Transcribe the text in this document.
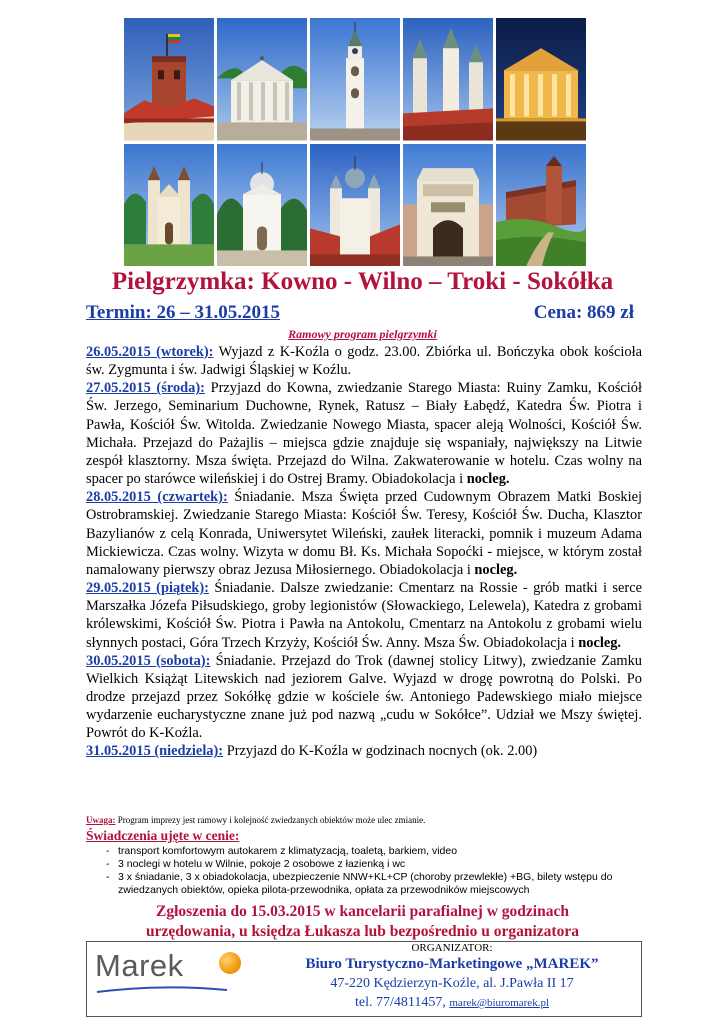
Pielgrzymka: Kowno - Wilno – Troki - Sokółka
Termin: 26 – 31.05.2015	Cena: 869 zł
Ramowy program pielgrzymki

26.05.2015 (wtorek): Wyjazd z K-Koźla o godz. 23.00. Zbiórka ul. Bończyka obok kościoła św. Zygmunta i św. Jadwigi Śląskiej w Koźlu.

27.05.2015 (środa): Przyjazd do Kowna, zwiedzanie Starego Miasta: Ruiny Zamku, Kościół Św. Jerzego, Seminarium Duchowne, Rynek, Ratusz – Biały Łabędź, Katedra Św. Piotra i Pawła, Kościół Św. Witolda. Zwiedzanie Nowego Miasta, spacer aleją Wolności, Kościół Św. Michała. Przejazd do Pażajlis – miejsca gdzie znajduje się wspaniały, największy na Litwie zespół klasztorny. Msza święta. Przejazd do Wilna. Zakwaterowanie w hotelu. Czas wolny na spacer po starówce wileńskiej i do Ostrej Bramy. Obiadokolacja i nocleg.

28.05.2015 (czwartek): Śniadanie. Msza Święta przed Cudownym Obrazem Matki Boskiej Ostrobramskiej. Zwiedzanie Starego Miasta: Kościół Św. Teresy, Kościół Św. Ducha, Klasztor Bazylianów z celą Konrada, Uniwersytet Wileński, zaułek literacki, pomnik i muzeum Adama Mickiewicza. Czas wolny. Wizyta w domu Bł. Ks. Michała Sopoćki - miejsce, w którym został namalowany pierwszy obraz Jezusa Miłosiernego. Obiadokolacja i nocleg.

29.05.2015 (piątek): Śniadanie. Dalsze zwiedzanie: Cmentarz na Rossie - grób matki i serce Marszałka Józefa Piłsudskiego, groby legionistów (Słowackiego, Lelewela), Katedra z grobami królewskimi, Kościół Św. Piotra i Pawła na Antokolu, Cmentarz na Antokolu z grobami wielu słynnych postaci, Góra Trzech Krzyży, Kościół Św. Anny. Msza Św. Obiadokolacja i nocleg.

30.05.2015 (sobota): Śniadanie. Przejazd do Trok (dawnej stolicy Litwy), zwiedzanie Zamku Wielkich Książąt Litewskich nad jeziorem Galve. Wyjazd w drogę powrotną do Polski. Po drodze przejazd przez Sokółkę gdzie w kościele św. Antoniego Padewskiego miało miejsce wydarzenie eucharystyczne znane już pod nazwą „cudu w Sokółce”. Udział we Mszy świętej. Powrót do K-Koźla.

31.05.2015 (niedziela): Przyjazd do K-Koźla w godzinach nocnych (ok. 2.00)

Uwaga: Program imprezy jest ramowy i kolejność zwiedzanych obiektów może ulec zmianie.
Świadczenia ujęte w cenie:
- transport komfortowym autokarem z klimatyzacją, toaletą, barkiem, video
- 3 noclegi w hotelu w Wilnie, pokoje 2 osobowe z łazienką i wc
- 3 x śniadanie, 3 x obiadokolacja, ubezpieczenie NNW+KL+CP (choroby przewlekłe) +BG, bilety wstępu do zwiedzanych obiektów, opieka pilota-przewodnika, opłata za przewodników miejscowych
Zgłoszenia do 15.03.2015 w kancelarii parafialnej w godzinach
urzędowania, u księdza Łukasza lub bezpośrednio u organizatora
Marek	ORGANIZATOR:
Biuro Turystyczno-Marketingowe „MAREK”
47-220 Kędzierzyn-Koźle, al. J.Pawła II 17
tel. 77/4811457, marek@biuromarek.pl
